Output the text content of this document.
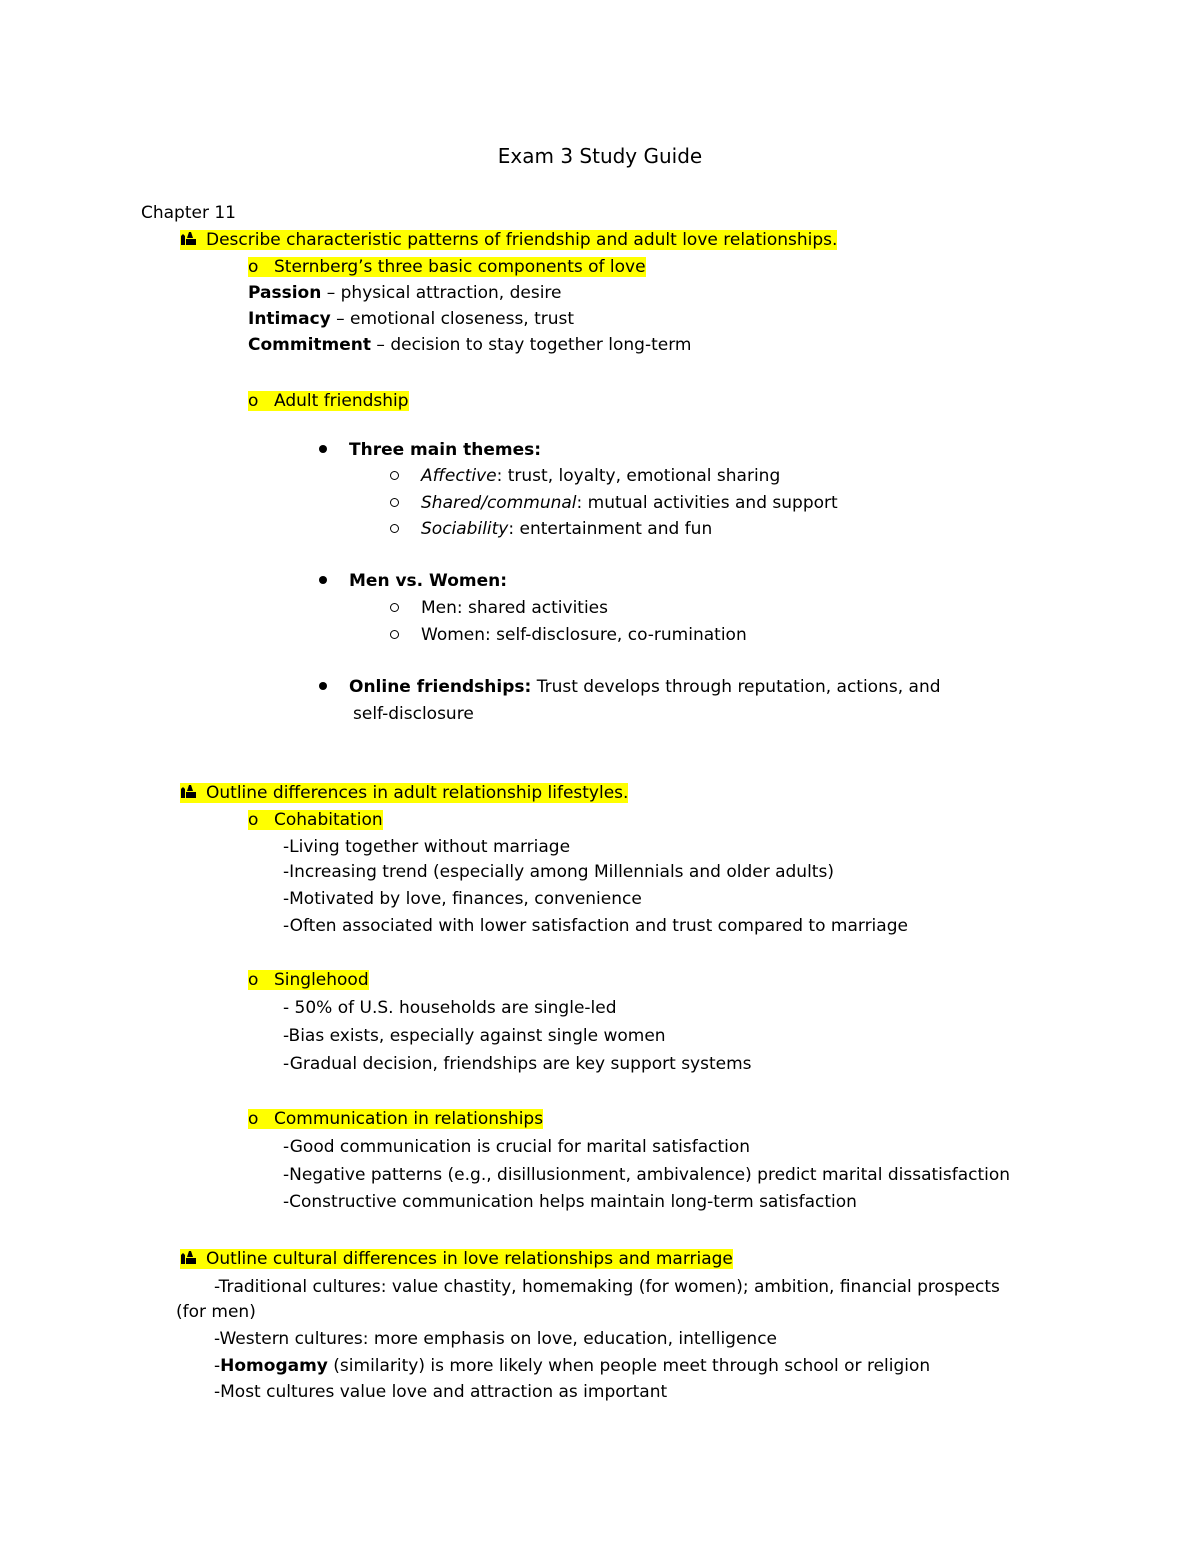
Exam 3 Study Guide
Chapter 11
Describe characteristic patterns of friendship and adult love relationships.
o Sternberg’s three basic components of love
Passion – physical attraction, desire
Intimacy – emotional closeness, trust
Commitment – decision to stay together long-term
o Adult friendship
Three main themes:
Affective: trust, loyalty, emotional sharing
Shared/communal: mutual activities and support
Sociability: entertainment and fun
Men vs. Women:
Men: shared activities
Women: self-disclosure, co-rumination
Online friendships: Trust develops through reputation, actions, and
self-disclosure
Outline differences in adult relationship lifestyles.
o Cohabitation
-Living together without marriage
-Increasing trend (especially among Millennials and older adults)
-Motivated by love, finances, convenience
-Often associated with lower satisfaction and trust compared to marriage
o Singlehood
- 50% of U.S. households are single-led
-Bias exists, especially against single women
-Gradual decision, friendships are key support systems
o Communication in relationships
-Good communication is crucial for marital satisfaction
-Negative patterns (e.g., disillusionment, ambivalence) predict marital dissatisfaction
-Constructive communication helps maintain long-term satisfaction
Outline cultural differences in love relationships and marriage
-Traditional cultures: value chastity, homemaking (for women); ambition, financial prospects
(for men)
-Western cultures: more emphasis on love, education, intelligence
-Homogamy (similarity) is more likely when people meet through school or religion
-Most cultures value love and attraction as important
